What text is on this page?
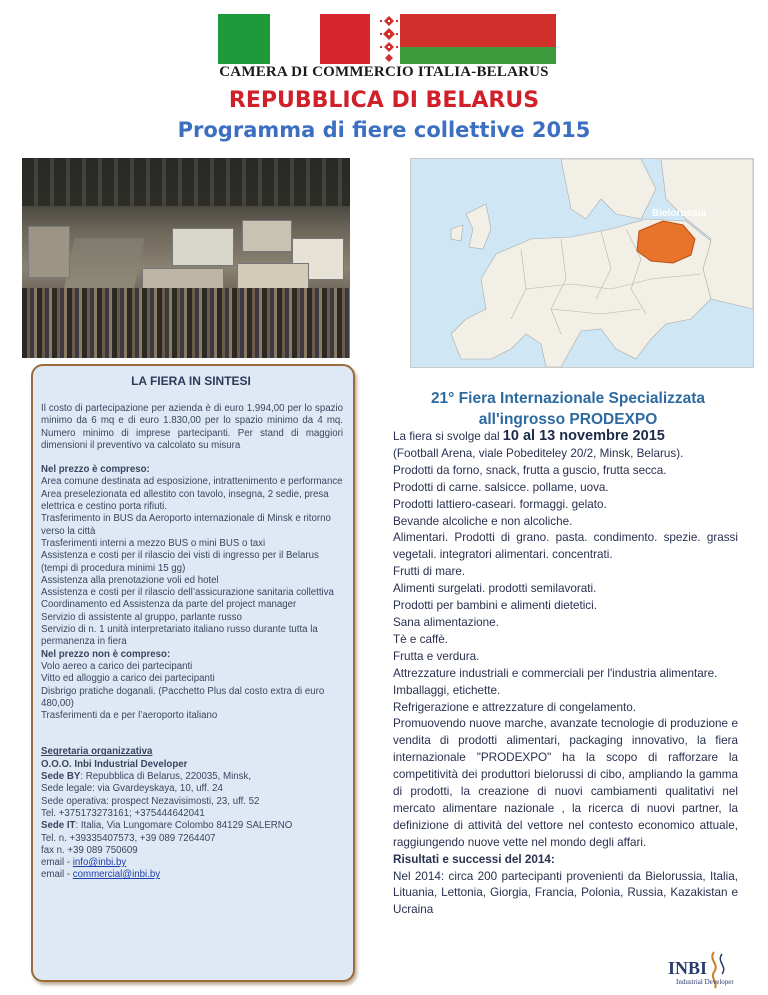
CAMERA DI COMMERCIO ITALIA-BELARUS
REPUBBLICA DI BELARUS
Programma di fiere collettive 2015
Bielorussia
LA FIERA IN SINTESI

Il costo di partecipazione per azienda è di euro 1.994,00 per lo spazio minimo da 6 mq e di euro 1.830,00 per lo spazio minimo da 4 mq. Numero minimo di imprese partecipanti. Per stand di maggiori dimensioni il preventivo va calcolato su misura

Nel prezzo è compreso:

Area comune destinata ad esposizione, intrattenimento e performance

Area preselezionata ed allestito con tavolo, insegna, 2 sedie, presa elettrica e cestino porta rifiuti.

Trasferimento in BUS da Aeroporto internazionale di Minsk e ritorno verso la città

Trasferimenti interni a mezzo BUS o mini BUS o taxi

Assistenza e costi per il rilascio dei visti di ingresso per il Belarus (tempi di procedura minimi 15 gg)

Assistenza alla prenotazione voli ed hotel

Assistenza e costi per il rilascio dell’assicurazione sanitaria collettiva

Coordinamento ed Assistenza da parte del project manager

Servizio di assistente al gruppo, parlante russo

Servizio di n. 1 unità interpretariato italiano russo durante tutta la permanenza in fiera

Nel prezzo non è compreso:

Volo aereo a carico dei partecipanti

Vitto ed alloggio a carico dei partecipanti

Disbrigo pratiche doganali. (Pacchetto Plus dal costo extra di euro 480,00)

Trasferimenti da e per l’aeroporto italiano

Segretaria organizzativa

O.O.O. Inbi Industrial Developer

Sede BY: Repubblica di Belarus, 220035, Minsk,

Sede legale: via Gvardeyskaya, 10, uff. 24

Sede operativa: prospect Nezavisimosti, 23, uff. 52

Tel. +375173273161; +375444642041

Sede IT: Italia, Via Lungomare Colombo 84129 SALERNO

Tel. n. +39335407573, +39 089 7264407

fax n. +39 089 750609

email - info@inbi.by

email - commercial@inbi.by

21° Fiera Internazionale Specializzata
all'ingrosso PRODEXPO

La fiera si svolge dal 10 al 13 novembre 2015

(Football Arena, viale Pobediteley 20/2, Minsk, Belarus).

Prodotti da forno, snack, frutta a guscio, frutta secca.

Prodotti di carne. salsicce. pollame, uova.

Prodotti lattiero-caseari. formaggi. gelato.

Bevande alcoliche e non alcoliche.

Alimentari. Prodotti di grano. pasta. condimento. spezie. grassi vegetali. integratori alimentari. concentrati.

Frutti di mare.

Alimenti surgelati. prodotti semilavorati.

Prodotti per bambini e alimenti dietetici.

Sana alimentazione.

Tè e caffè.

Frutta e verdura.

Attrezzature industriali e commerciali per l'industria alimentare.

Imballaggi, etichette.

Refrigerazione e attrezzature di congelamento.

Promuovendo nuove marche, avanzate tecnologie di produzione e vendita di prodotti alimentari, packaging innovativo, la fiera internazionale "PRODEXPO" ha la scopo di rafforzare la competitività dei produttori bielorussi di cibo, ampliando la gamma di prodotti, la creazione di nuovi cambiamenti qualitativi nel mercato alimentare nazionale , la ricerca di nuovi partner, la definizione di attività del vettore nel contesto economico attuale, raggiungendo nuove vette nel mondo degli affari.

Risultati e successi del 2014:

Nel 2014: circa 200 partecipanti provenienti da Bielorussia, Italia, Lituania, Lettonia, Giorgia, Francia, Polonia, Russia, Kazakistan e Ucraina

INBI
Industrial Developer
